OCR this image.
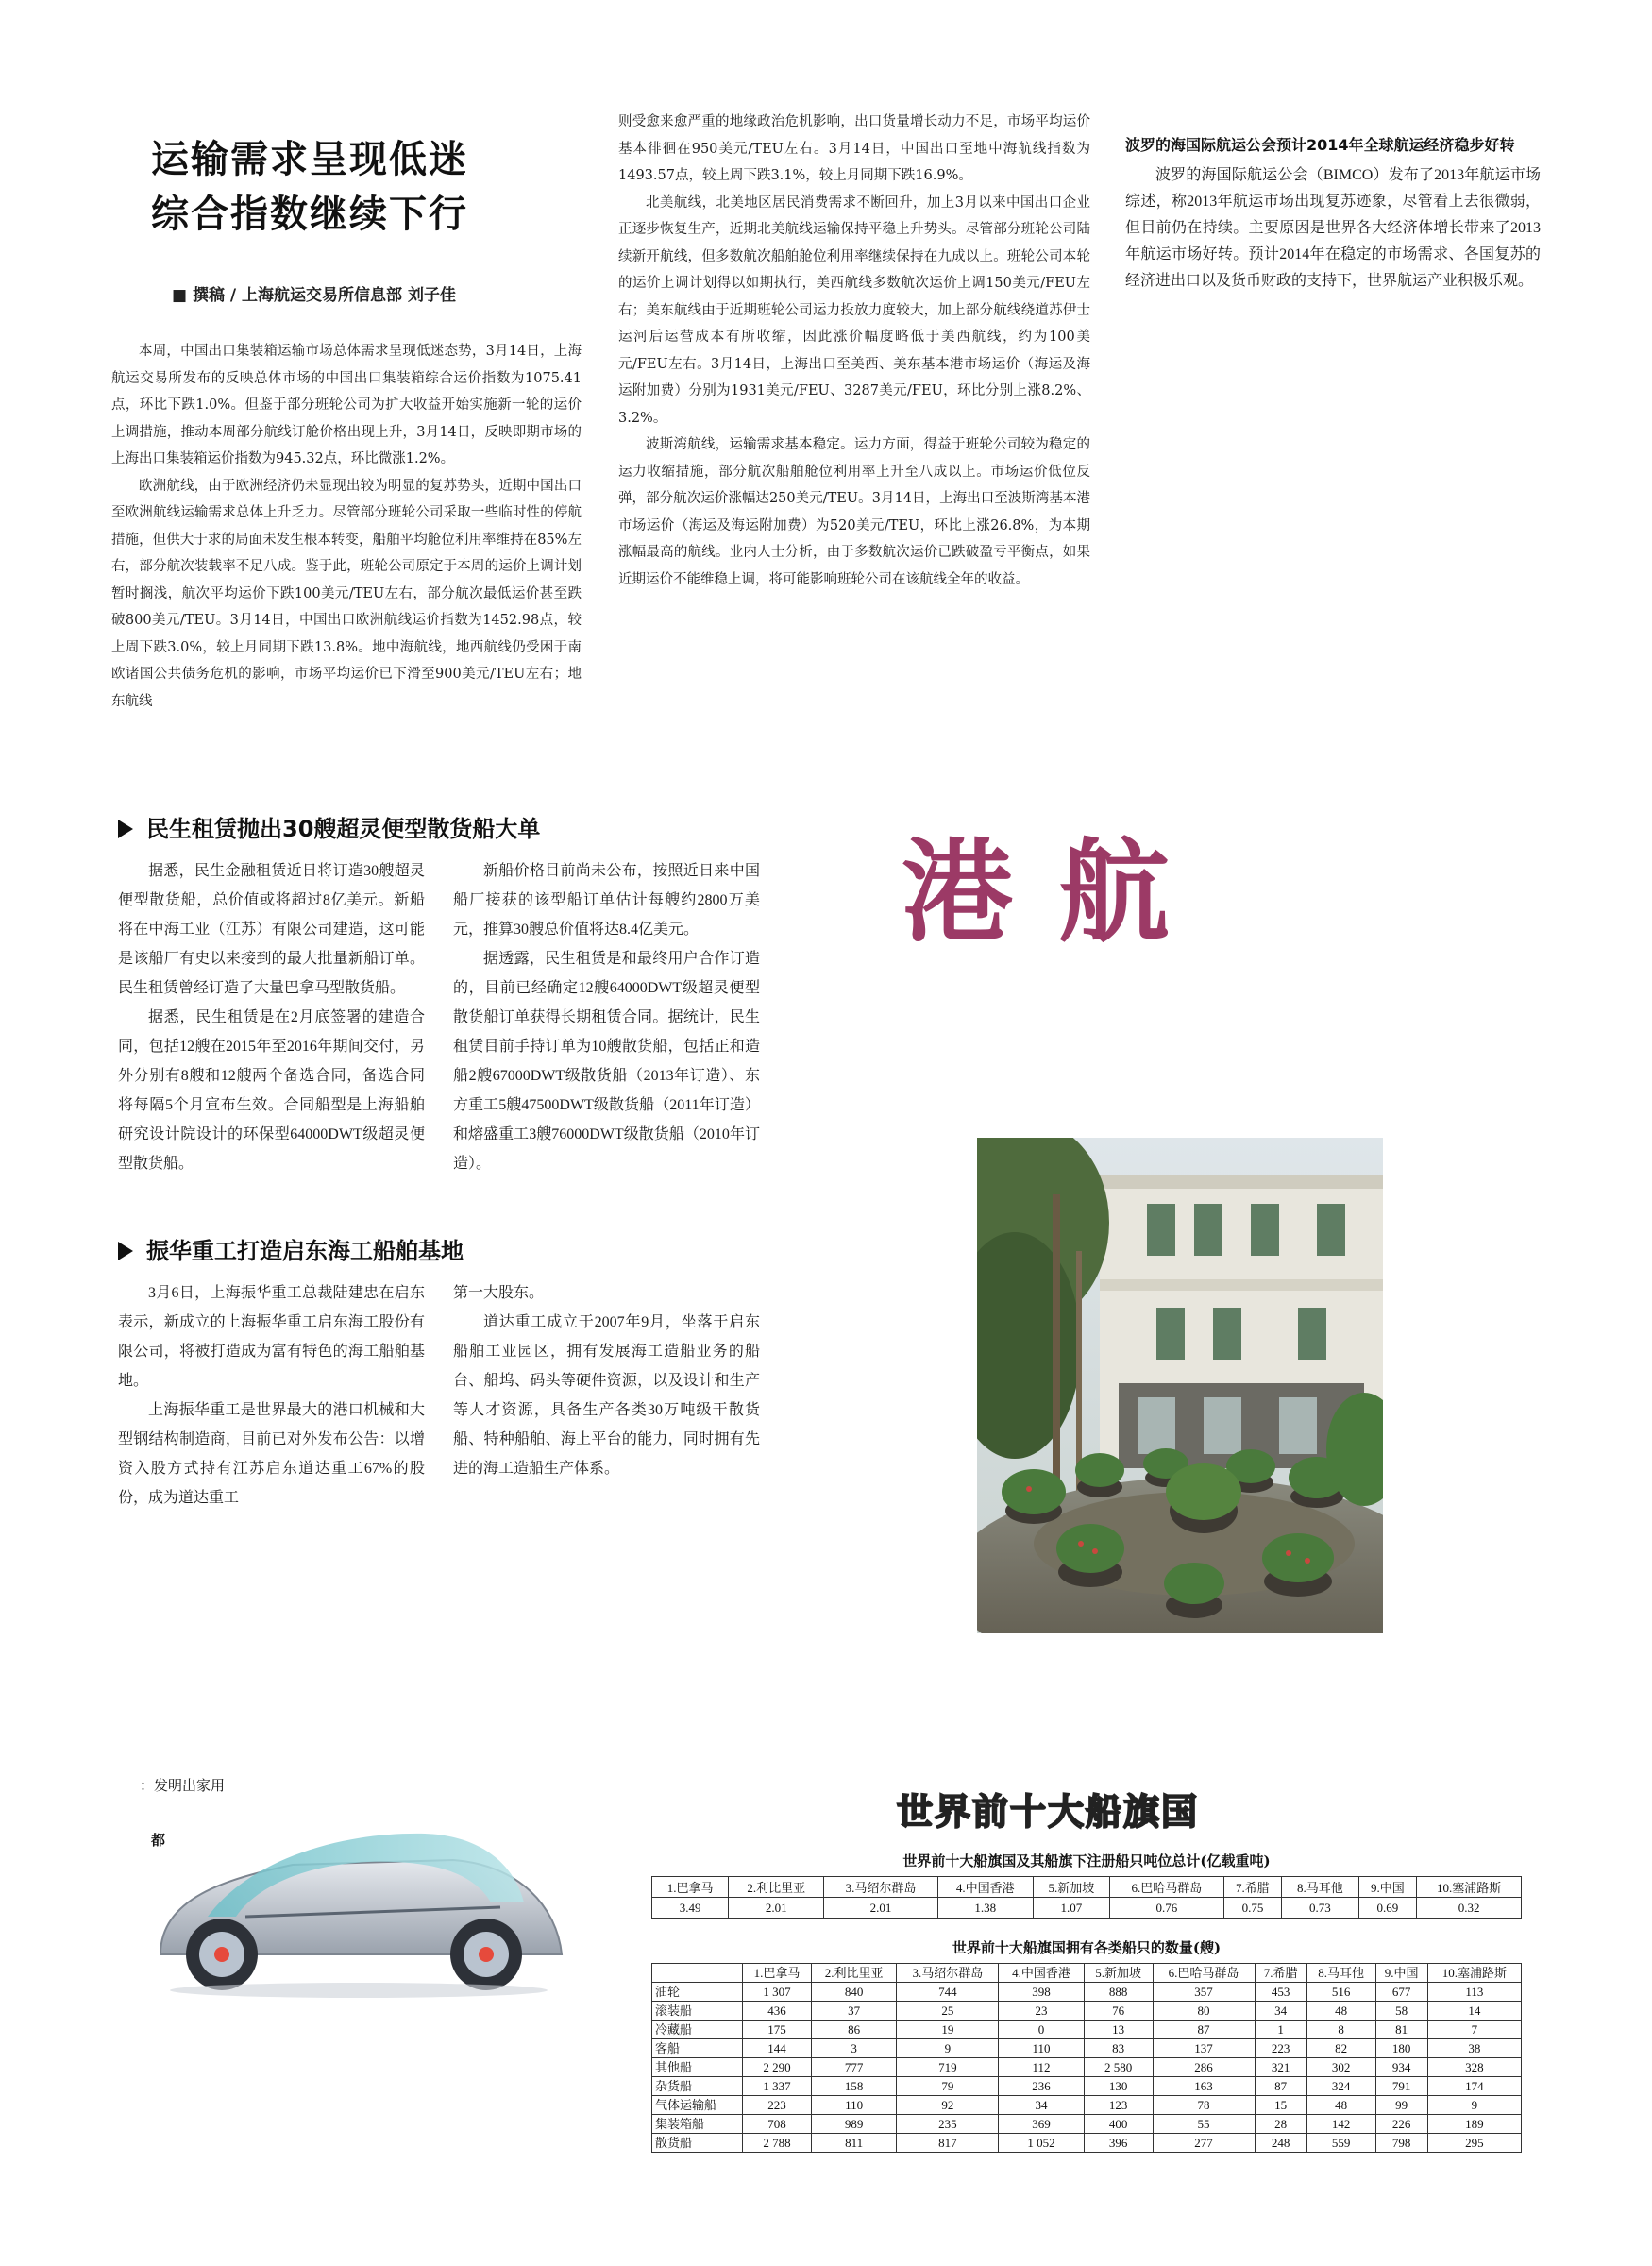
运输需求呈现低迷
综合指数继续下行
■ 撰稿 / 上海航运交易所信息部 刘子佳

本周，中国出口集装箱运输市场总体需求呈现低迷态势，3月14日，上海航运交易所发布的反映总体市场的中国出口集装箱综合运价指数为1075.41点，环比下跌1.0%。但鉴于部分班轮公司为扩大收益开始实施新一轮的运价上调措施，推动本周部分航线订舱价格出现上升，3月14日，反映即期市场的上海出口集装箱运价指数为945.32点，环比微涨1.2%。

欧洲航线，由于欧洲经济仍未显现出较为明显的复苏势头，近期中国出口至欧洲航线运输需求总体上升乏力。尽管部分班轮公司采取一些临时性的停航措施，但供大于求的局面未发生根本转变，船舶平均舱位利用率维持在85%左右，部分航次装载率不足八成。鉴于此，班轮公司原定于本周的运价上调计划暂时搁浅，航次平均运价下跌100美元/TEU左右，部分航次最低运价甚至跌破800美元/TEU。3月14日，中国出口欧洲航线运价指数为1452.98点，较上周下跌3.0%，较上月同期下跌13.8%。地中海航线，地西航线仍受困于南欧诸国公共债务危机的影响，市场平均运价已下滑至900美元/TEU左右；地东航线

则受愈来愈严重的地缘政治危机影响，出口货量增长动力不足，市场平均运价基本徘徊在950美元/TEU左右。3月14日，中国出口至地中海航线指数为1493.57点，较上周下跌3.1%，较上月同期下跌16.9%。

北美航线，北美地区居民消费需求不断回升，加上3月以来中国出口企业正逐步恢复生产，近期北美航线运输保持平稳上升势头。尽管部分班轮公司陆续新开航线，但多数航次船舶舱位利用率继续保持在九成以上。班轮公司本轮的运价上调计划得以如期执行，美西航线多数航次运价上调150美元/FEU左右；美东航线由于近期班轮公司运力投放力度较大，加上部分航线绕道苏伊士运河后运营成本有所收缩，因此涨价幅度略低于美西航线，约为100美元/FEU左右。3月14日，上海出口至美西、美东基本港市场运价（海运及海运附加费）分别为1931美元/FEU、3287美元/FEU，环比分别上涨8.2%、3.2%。

波斯湾航线，运输需求基本稳定。运力方面，得益于班轮公司较为稳定的运力收缩措施，部分航次船舶舱位利用率上升至八成以上。市场运价低位反弹，部分航次运价涨幅达250美元/TEU。3月14日，上海出口至波斯湾基本港市场运价（海运及海运附加费）为520美元/TEU，环比上涨26.8%，为本期涨幅最高的航线。业内人士分析，由于多数航次运价已跌破盈亏平衡点，如果近期运价不能维稳上调，将可能影响班轮公司在该航线全年的收益。

波罗的海国际航运公会预计2014年全球航运经济稳步好转

波罗的海国际航运公会（BIMCO）发布了2013年航运市场综述，称2013年航运市场出现复苏迹象，尽管看上去很微弱，但目前仍在持续。主要原因是世界各大经济体增长带来了2013年航运市场好转。预计2014年在稳定的市场需求、各国复苏的经济进出口以及货币财政的支持下，世界航运产业积极乐观。

民生租赁抛出30艘超灵便型散货船大单

据悉，民生金融租赁近日将订造30艘超灵便型散货船，总价值或将超过8亿美元。新船将在中海工业（江苏）有限公司建造，这可能是该船厂有史以来接到的最大批量新船订单。民生租赁曾经订造了大量巴拿马型散货船。

据悉，民生租赁是在2月底签署的建造合同，包括12艘在2015年至2016年期间交付，另外分别有8艘和12艘两个备选合同，备选合同将每隔5个月宣布生效。合同船型是上海船舶研究设计院设计的环保型64000DWT级超灵便型散货船。

新船价格目前尚未公布，按照近日来中国船厂接获的该型船订单估计每艘约2800万美元，推算30艘总价值将达8.4亿美元。

据透露，民生租赁是和最终用户合作订造的，目前已经确定12艘64000DWT级超灵便型散货船订单获得长期租赁合同。据统计，民生租赁目前手持订单为10艘散货船，包括正和造船2艘67000DWT级散货船（2013年订造）、东方重工5艘47500DWT级散货船（2011年订造）和熔盛重工3艘76000DWT级散货船（2010年订造）。

振华重工打造启东海工船舶基地

3月6日，上海振华重工总裁陆建忠在启东表示，新成立的上海振华重工启东海工股份有限公司，将被打造成为富有特色的海工船舶基地。

上海振华重工是世界最大的港口机械和大型钢结构制造商，目前已对外发布公告：以增资入股方式持有江苏启东道达重工67%的股份，成为道达重工

第一大股东。

道达重工成立于2007年9月，坐落于启东船舶工业园区，拥有发展海工造船业务的船台、船坞、码头等硬件资源，以及设计和生产等人才资源，具备生产各类30万吨级干散货船、特种船舶、海上平台的能力，同时拥有先进的海工造船生产体系。

港航
：发明出家用
都
世界前十大船旗国
世界前十大船旗国及其船旗下注册船只吨位总计(亿载重吨)
1.巴拿马	2.利比里亚	3.马绍尔群岛	4.中国香港	5.新加坡	6.巴哈马群岛	7.希腊	8.马耳他	9.中国	10.塞浦路斯
3.49	2.01	2.01	1.38	1.07	0.76	0.75	0.73	0.69	0.32
世界前十大船旗国拥有各类船只的数量(艘)
	1.巴拿马	2.利比里亚	3.马绍尔群岛	4.中国香港	5.新加坡	6.巴哈马群岛	7.希腊	8.马耳他	9.中国	10.塞浦路斯
油轮	1 307	840	744	398	888	357	453	516	677	113
滚装船	436	37	25	23	76	80	34	48	58	14
冷藏船	175	86	19	0	13	87	1	8	81	7
客船	144	3	9	110	83	137	223	82	180	38
其他船	2 290	777	719	112	2 580	286	321	302	934	328
杂货船	1 337	158	79	236	130	163	87	324	791	174
气体运输船	223	110	92	34	123	78	15	48	99	9
集装箱船	708	989	235	369	400	55	28	142	226	189
散货船	2 788	811	817	1 052	396	277	248	559	798	295
